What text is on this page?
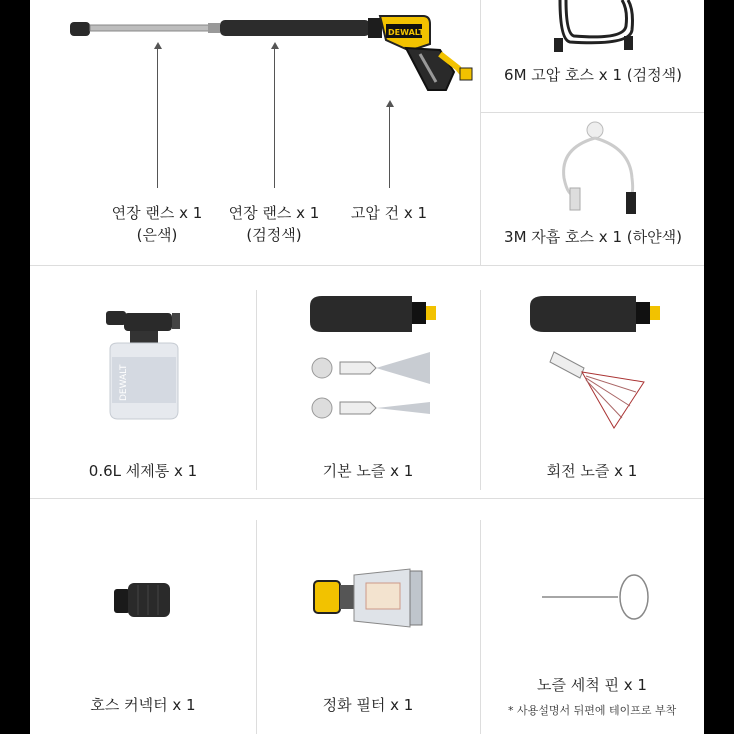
DEWALT
연장 랜스 x 1
(은색)
연장 랜스 x 1
(검정색)
고압 건 x 1
6M 고압 호스 x 1 (검정색)
3M 자흡 호스 x 1 (하얀색)
DEWALT
0.6L 세제통 x 1	기본 노즐 x 1	회전 노즐 x 1
호스 커넥터 x 1	정화 필터 x 1
노즐 세척 핀 x 1
* 사용설명서 뒤편에 테이프로 부착
